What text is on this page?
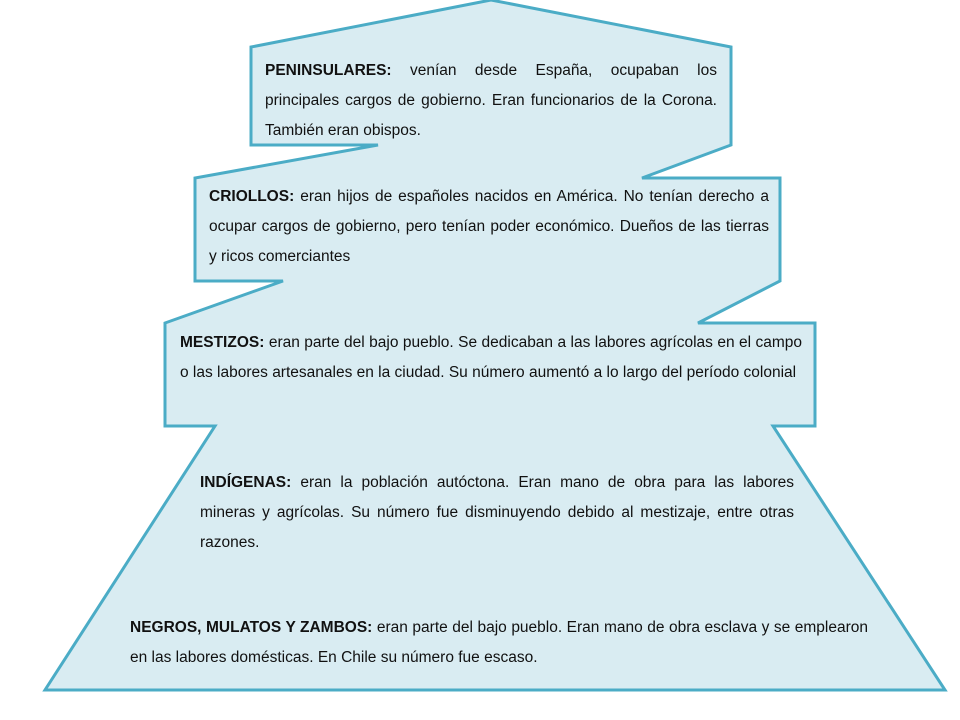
PENINSULARES: venían desde España, ocupaban los principales cargos de gobierno. Eran funcionarios de la Corona. También eran obispos.

CRIOLLOS: eran hijos de españoles nacidos en América. No tenían derecho a ocupar cargos de gobierno, pero tenían poder económico. Dueños de las tierras y ricos comerciantes

MESTIZOS: eran parte del bajo pueblo. Se dedicaban a las labores agrícolas en el campo o las labores artesanales en la ciudad. Su número aumentó a lo largo del período colonial

INDÍGENAS: eran la población autóctona. Eran mano de obra para las labores mineras y agrícolas. Su número fue disminuyendo debido al mestizaje, entre otras razones.

NEGROS, MULATOS Y ZAMBOS: eran parte del bajo pueblo. Eran mano de obra esclava y se emplearon en las labores domésticas. En Chile su número fue escaso.
